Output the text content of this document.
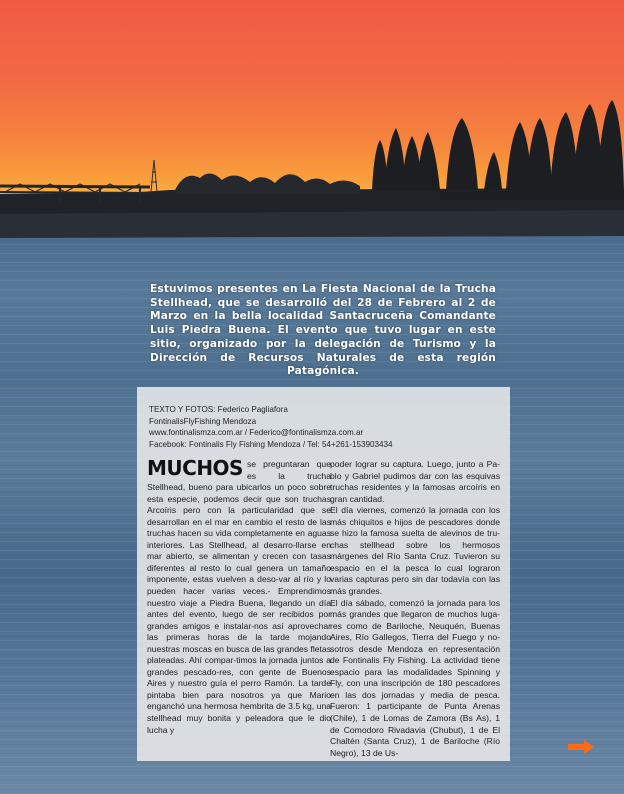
Estuvimos presentes en La Fiesta Nacional de la Trucha Stellhead, que se desarrolló del 28 de Febrero al 2 de Marzo en la bella localidad Santacruceña Comandante Luis Piedra Buena. El evento que tuvo lugar en este sitio, organizado por la delegación de Turismo y la Dirección de Recursos Naturales de esta región Patagónica.
TEXTO Y FOTOS: Federico Pagliafora
FontinalisFlyFishing Mendoza
www.fontinalismza.com.ar / Federico@fontinalismza.com.ar
Facebook: Fontinalis Fly Fishing Mendoza / Tel: 54+261-153903434
MUCHOS se preguntaran que es la trucha Stellhead, bueno para ubicarlos un poco sobre esta especie, podemos decir que son truchas Arcoíris pero con la particularidad que se desarrollan en el mar en cambio el resto de las truchas hacen su vida completamente en aguas interiores. Las Stellhead, al desarro-llarse en mar abierto, se alimentan y crecen con tasas diferentes al resto lo cual genera un tamaño imponente, estas vuelven a deso-var al río y lo pueden hacer varias veces.- Emprendimos nuestro viaje a Piedra Buena, llegando un día antes del evento, luego de ser recibidos por grandes amigos e instalar-nos así aprovechar las primeras horas de la tarde mojando nuestras moscas en busca de las grandes fletas plateadas. Ahí compar-timos la jornada juntos a grandes pescado-res, con gente de Buenos Aires y nuestro guía el perro Ramón. La tarde pintaba bien para nosotros ya que Mario enganchó una hermosa hembrita de 3.5 kg, una stellhead muy bonita y peleadora que le dio lucha y
poder lograr su captura. Luego, junto a Pa-blo y Gabriel pudimos dar con las esquivas truchas residentes y la famosas arcoíris en gran cantidad.
El día viernes, comenzó la jornada con los más chiquitos e hijos de pescadores donde se hizo la famosa suelta de alevinos de tru-chas stellhead sobre los hermosos márgenes del Río Santa Cruz. Tuvieron su espacio en el la pesca lo cual lograron varias capturas pero sin dar todavía con las más grandes.
El día sábado, comenzó la jornada para los más grandes que llegaron de muchos luga-res como de Bariloche, Neuquén, Buenas Aires, Río Gallegos, Tierra del Fuego y no-sotros desde Mendoza en representación de Fontinalis Fly Fishing. La actividad tiene espacio para las modalidades Spinning y Fly, con una inscripción de 180 pescadores en las dos jornadas y media de pesca. Fueron: 1 participante de Punta Arenas (Chile), 1 de Lomas de Zamora (Bs As), 1 de Comodoro Rivadavia (Chubut), 1 de El Chaltén (Santa Cruz), 1 de Bariloche (Río Negro), 13 de Us-
